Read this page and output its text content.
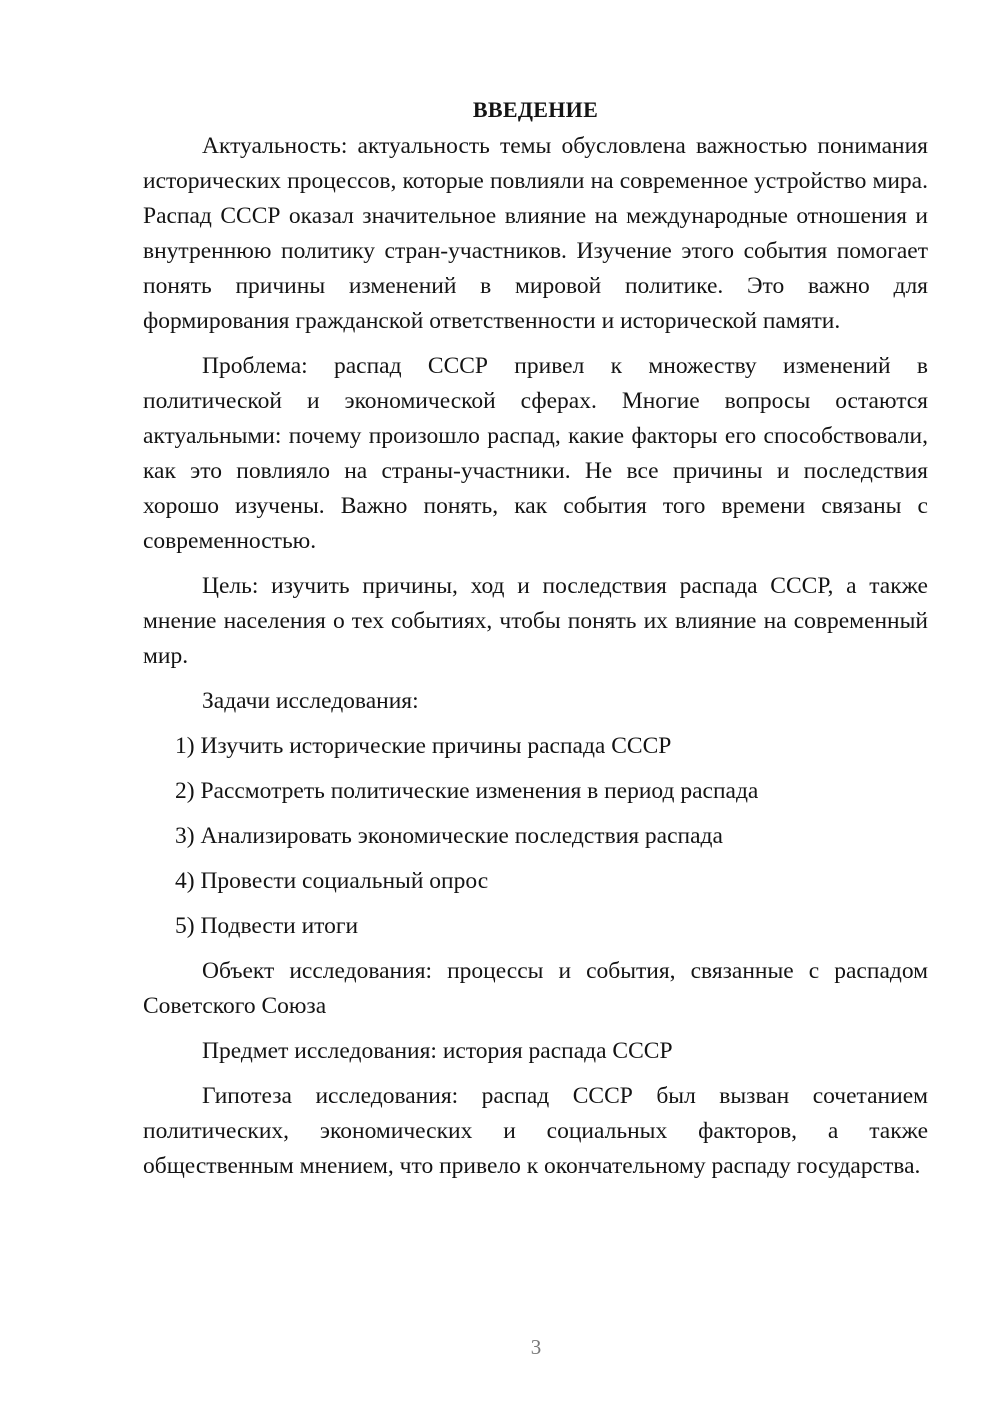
ВВЕДЕНИЕ

Актуальность: актуальность темы обусловлена важностью понимания исторических процессов, которые повлияли на современное устройство мира. Распад СССР оказал значительное влияние на международные отношения и внутреннюю политику стран-участников. Изучение этого события помогает понять причины изменений в мировой политике. Это важно для формирования гражданской ответственности и исторической памяти.

Проблема: распад СССР привел к множеству изменений в политической и экономической сферах. Многие вопросы остаются актуальными: почему произошло распад, какие факторы его способствовали, как это повлияло на страны-участники. Не все причины и последствия хорошо изучены. Важно понять, как события того времени связаны с современностью.

Цель: изучить причины, ход и последствия распада СССР, а также мнение населения о тех событиях, чтобы понять их влияние на современный мир.

Задачи исследования:

1) Изучить исторические причины распада СССР
2) Рассмотреть политические изменения в период распада
3) Анализировать экономические последствия распада
4) Провести социальный опрос
5) Подвести итоги

Объект исследования: процессы и события, связанные с распадом Советского Союза

Предмет исследования: история распада СССР

Гипотеза исследования: распад СССР был вызван сочетанием политических, экономических и социальных факторов, а также общественным мнением, что привело к окончательному распаду государства.

3
